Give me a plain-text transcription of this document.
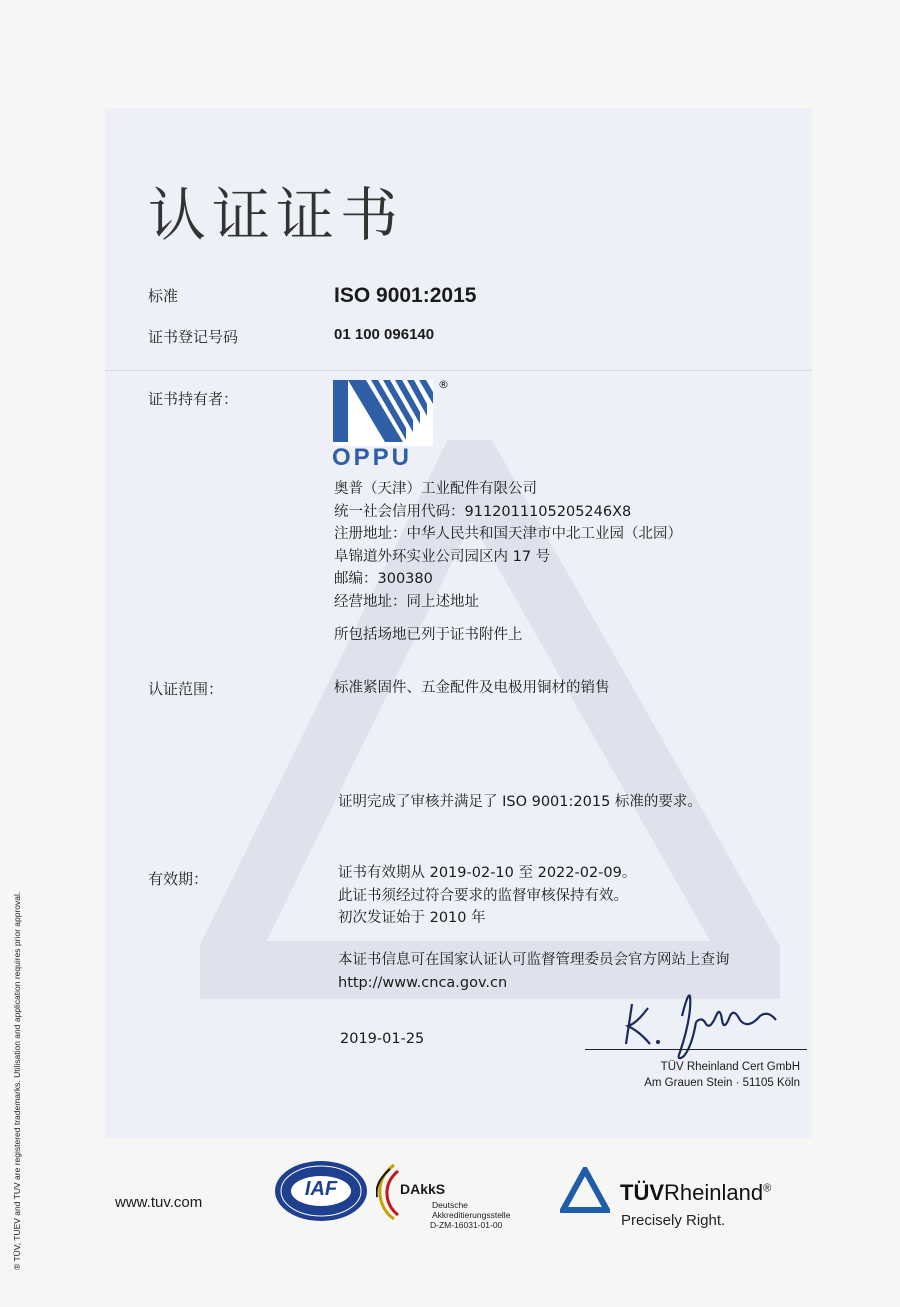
认证证书
标准	ISO 9001:2015
证书登记号码	01 100 096140
证书持有者：
®
OPPU
奥普（天津）工业配件有限公司
统一社会信用代码：9112011105205246X8
注册地址：中华人民共和国天津市中北工业园（北园）
阜锦道外环实业公司园区内 17 号
邮编：300380
经营地址：同上述地址
所包括场地已列于证书附件上
认证范围：	标准紧固件、五金配件及电极用铜材的销售
证明完成了审核并满足了 ISO 9001:2015 标准的要求。
有效期：	证书有效期从 2019-02-10 至 2022-02-09。
此证书须经过符合要求的监督审核保持有效。
初次发证始于 2010 年
本证书信息可在国家认证认可监督管理委员会官方网站上查询
http://www.cnca.gov.cn
2019-01-25
TÜV Rheinland Cert GmbH
Am Grauen Stein · 51105 Köln
® TÜV, TUEV and TUV are registered trademarks. Utilisation and application requires prior approval.	www.tuv.com
IAF	DAkkS
Deutsche
Akkreditierungsstelle
D-ZM-16031-01-00
TÜVRheinland®
Precisely Right.
